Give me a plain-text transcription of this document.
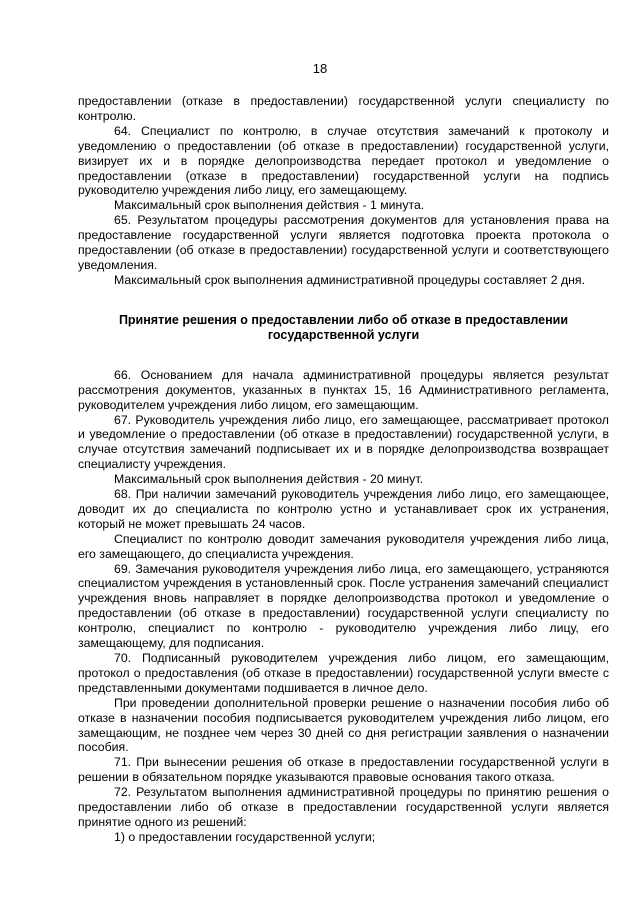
18

предоставлении (отказе в предоставлении) государственной услуги специалисту по контролю.

64. Специалист по контролю, в случае отсутствия замечаний к протоколу и уведомлению о предоставлении (об отказе в предоставлении) государственной услуги, визирует их и в порядке делопроизводства передает протокол и уведомление о предоставлении (отказе в предоставлении) государственной услуги на подпись руководителю учреждения либо лицу, его замещающему.

Максимальный срок выполнения действия - 1 минута.

65. Результатом процедуры рассмотрения документов для установления права на предоставление государственной услуги является подготовка проекта протокола о предоставлении (об отказе в предоставлении) государственной услуги и соответствующего уведомления.

Максимальный срок выполнения административной процедуры составляет 2 дня.

Принятие решения о предоставлении либо об отказе в предоставлении государственной услуги

66. Основанием для начала административной процедуры является результат рассмотрения документов, указанных в пунктах 15, 16 Административного регламента, руководителем учреждения либо лицом, его замещающим.

67. Руководитель учреждения либо лицо, его замещающее, рассматривает протокол и уведомление о предоставлении (об отказе в предоставлении) государственной услуги, в случае отсутствия замечаний подписывает их и в порядке делопроизводства возвращает специалисту учреждения.

Максимальный срок выполнения действия - 20 минут.

68. При наличии замечаний руководитель учреждения либо лицо, его замещающее, доводит их до специалиста по контролю устно и устанавливает срок их устранения, который не может превышать 24 часов.

Специалист по контролю доводит замечания руководителя учреждения либо лица, его замещающего, до специалиста учреждения.

69. Замечания руководителя учреждения либо лица, его замещающего, устраняются специалистом учреждения в установленный срок. После устранения замечаний специалист учреждения вновь направляет в порядке делопроизводства протокол и уведомление о предоставлении (об отказе в предоставлении) государственной услуги специалисту по контролю, специалист по контролю - руководителю учреждения либо лицу, его замещающему, для подписания.

70. Подписанный руководителем учреждения либо лицом, его замещающим, протокол о предоставления (об отказе в предоставлении) государственной услуги вместе с представленными документами подшивается в личное дело.

При проведении дополнительной проверки решение о назначении пособия либо об отказе в назначении пособия подписывается руководителем учреждения либо лицом, его замещающим, не позднее чем через 30 дней со дня регистрации заявления о назначении пособия.

71. При вынесении решения об отказе в предоставлении государственной услуги в решении в обязательном порядке указываются правовые основания такого отказа.

72. Результатом выполнения административной процедуры по принятию решения о предоставлении либо об отказе в предоставлении государственной услуги является принятие одного из решений:

1) о предоставлении государственной услуги;
